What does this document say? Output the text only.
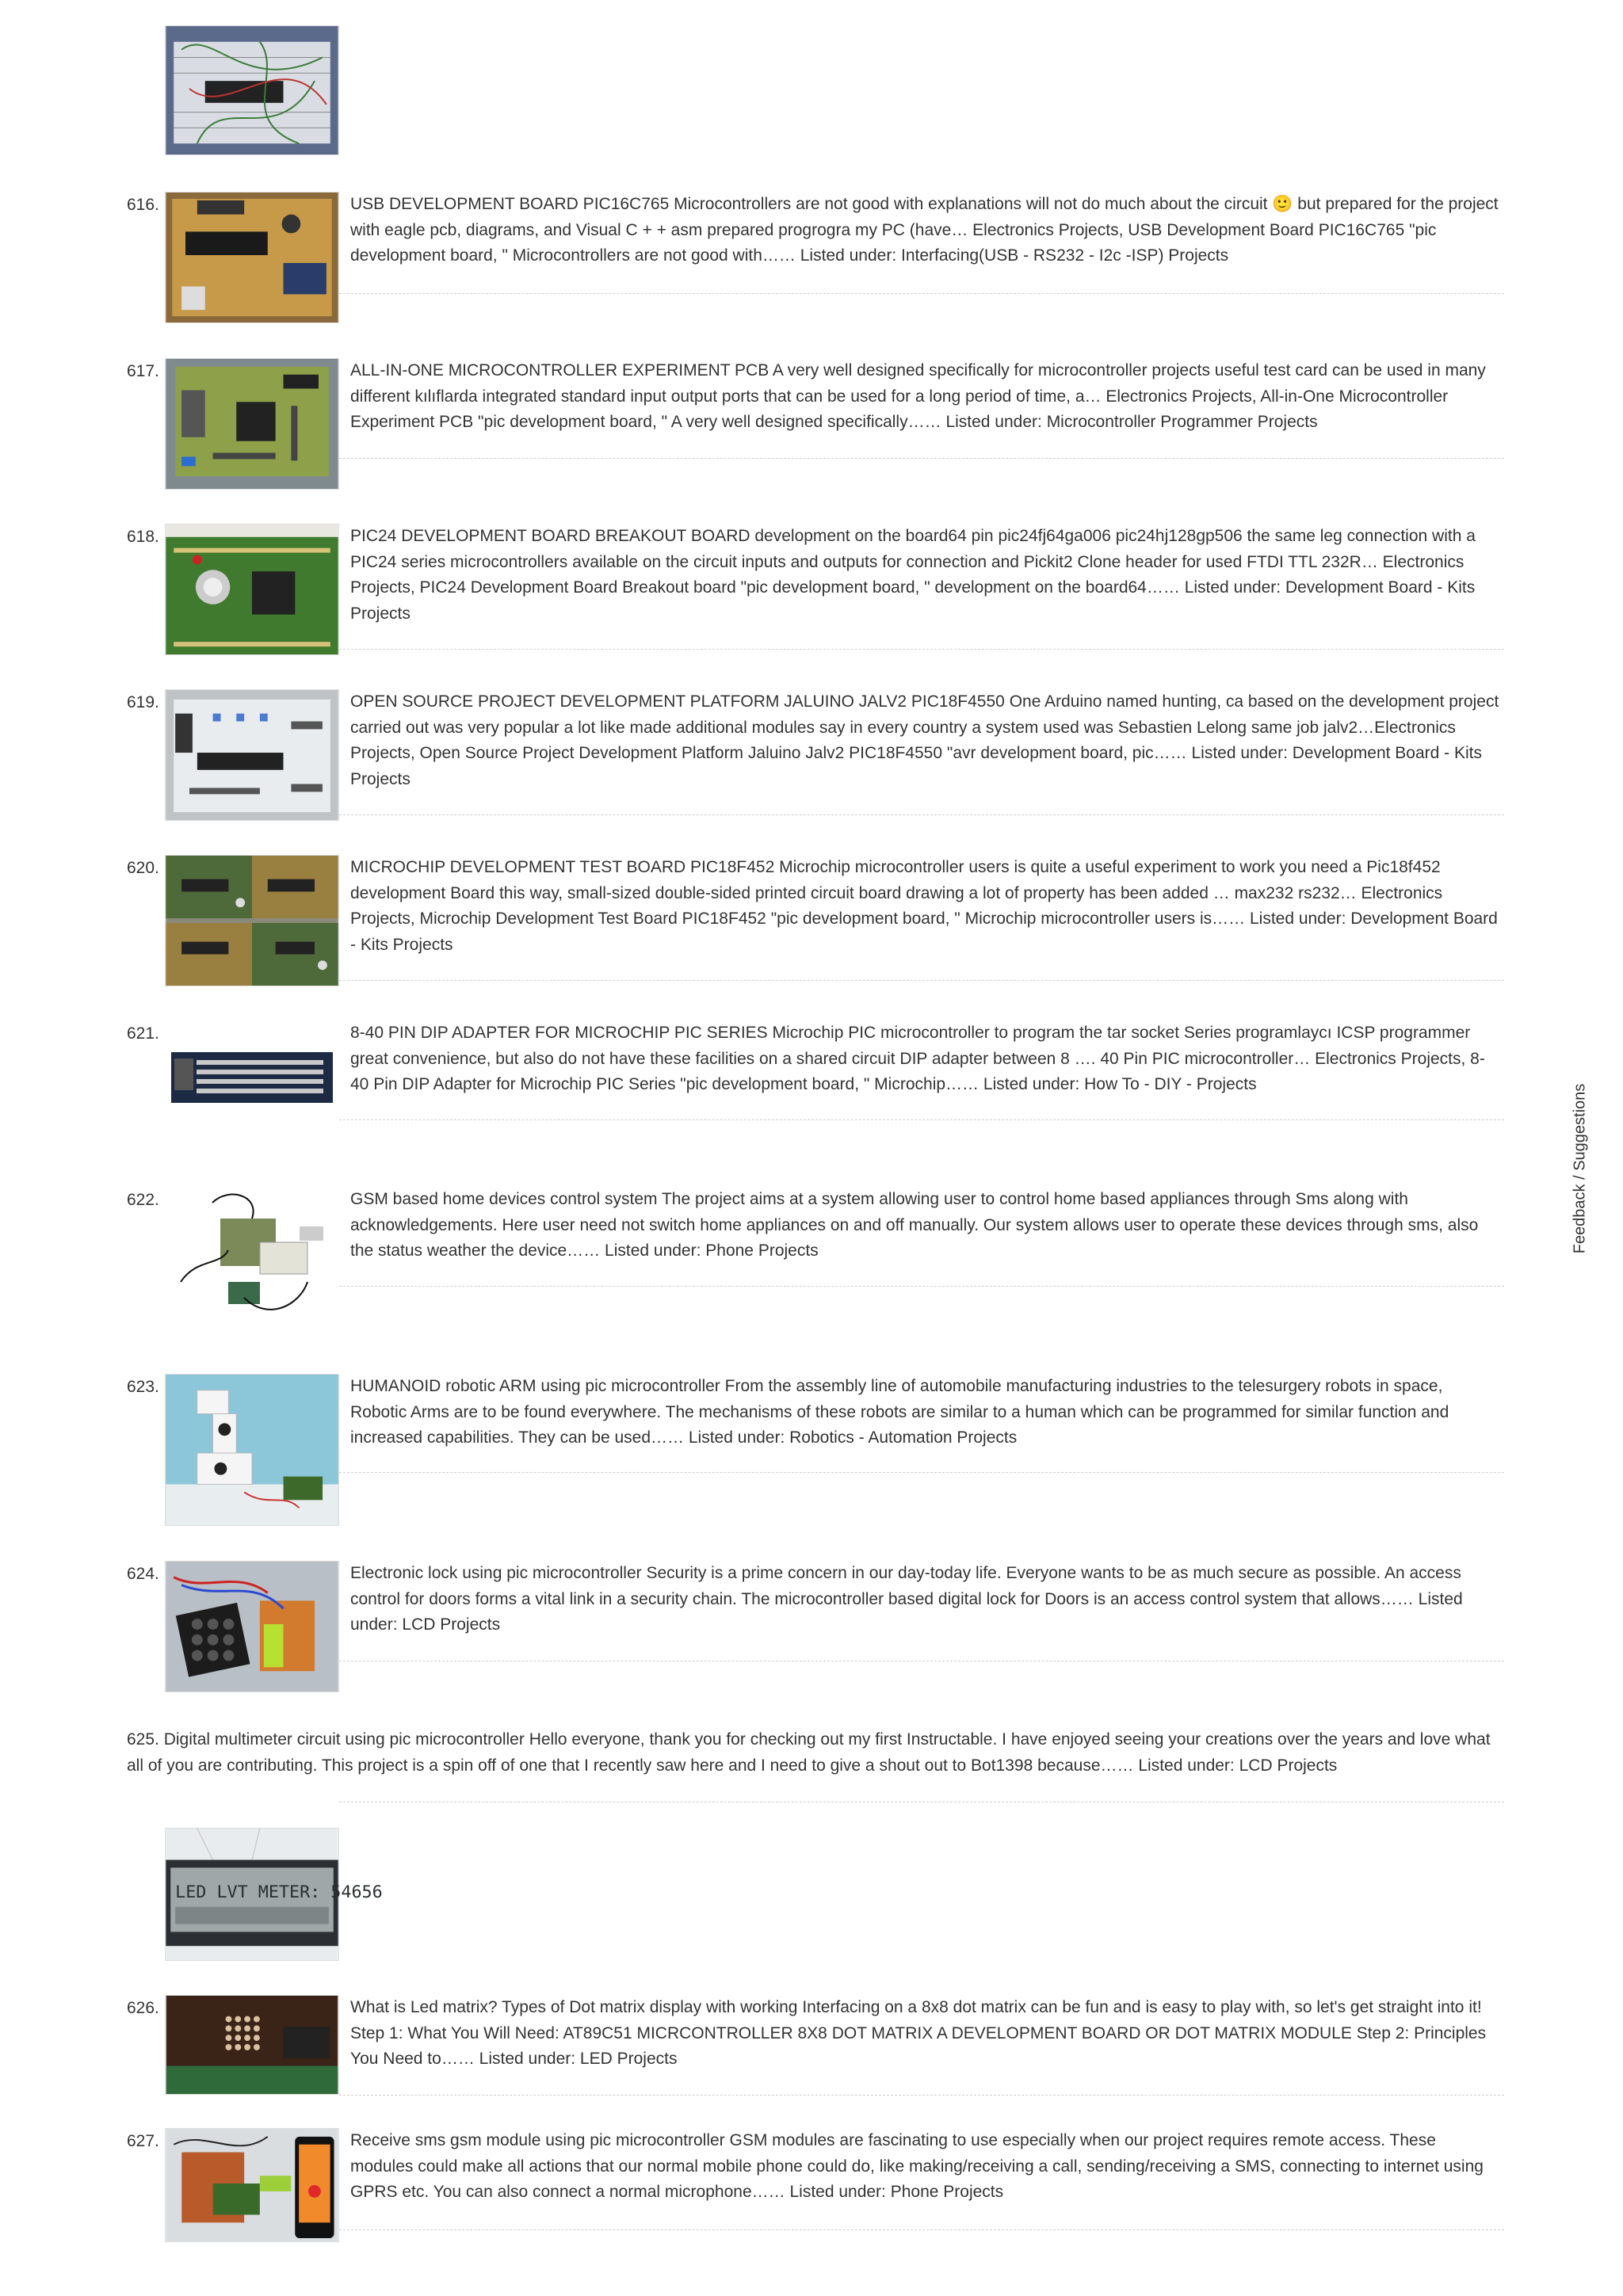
616.	USB DEVELOPMENT BOARD PIC16C765 Microcontrollers are not good with explanations will not do much about the circuit 🙂 but prepared for the project with eagle pcb, diagrams, and Visual C + + asm prepared progrogra my PC (have… Electronics Projects, USB Development Board PIC16C765 "pic development board, " Microcontrollers are not good with…… Listed under: Interfacing(USB - RS232 - I2c -ISP) Projects
617.	ALL-IN-ONE MICROCONTROLLER EXPERIMENT PCB A very well designed specifically for microcontroller projects useful test card can be used in many different kılıflarda integrated standard input output ports that can be used for a long period of time, a… Electronics Projects, All-in-One Microcontroller Experiment PCB "pic development board, " A very well designed specifically…… Listed under: Microcontroller Programmer Projects
618.	PIC24 DEVELOPMENT BOARD BREAKOUT BOARD development on the board64 pin pic24fj64ga006 pic24hj128gp506 the same leg connection with a PIC24 series microcontrollers available on the circuit inputs and outputs for connection and Pickit2 Clone header for used FTDI TTL 232R… Electronics Projects, PIC24 Development Board Breakout board "pic development board, " development on the board64…… Listed under: Development Board - Kits Projects
619.	OPEN SOURCE PROJECT DEVELOPMENT PLATFORM JALUINO JALV2 PIC18F4550 One Arduino named hunting, ca based on the development project carried out was very popular a lot like made additional modules say in every country a system used was Sebastien Lelong same job jalv2…Electronics Projects, Open Source Project Development Platform Jaluino Jalv2 PIC18F4550 "avr development board, pic…… Listed under: Development Board - Kits Projects
620.	MICROCHIP DEVELOPMENT TEST BOARD PIC18F452 Microchip microcontroller users is quite a useful experiment to work you need a Pic18f452 development Board this way, small-sized double-sided printed circuit board drawing a lot of property has been added … max232 rs232… Electronics Projects, Microchip Development Test Board PIC18F452 "pic development board, " Microchip microcontroller users is…… Listed under: Development Board - Kits Projects
621.	8-40 PIN DIP ADAPTER FOR MICROCHIP PIC SERIES Microchip PIC microcontroller to program the tar socket Series programlaycı ICSP programmer great convenience, but also do not have these facilities on a shared circuit DIP adapter between 8 …. 40 Pin PIC microcontroller… Electronics Projects, 8-40 Pin DIP Adapter for Microchip PIC Series "pic development board, " Microchip…… Listed under: How To - DIY - Projects
622.	GSM based home devices control system The project aims at a system allowing user to control home based appliances through Sms along with acknowledgements. Here user need not switch home appliances on and off manually. Our system allows user to operate these devices through sms, also the status weather the device…… Listed under: Phone Projects
623.	HUMANOID robotic ARM using pic microcontroller From the assembly line of automobile manufacturing industries to the telesurgery robots in space, Robotic Arms are to be found everywhere. The mechanisms of these robots are similar to a human which can be programmed for similar function and increased capabilities. They can be used…… Listed under: Robotics - Automation Projects
624.	Electronic lock using pic microcontroller Security is a prime concern in our day-today life. Everyone wants to be as much secure as possible. An access control for doors forms a vital link in a security chain. The microcontroller based digital lock for Doors is an access control system that allows…… Listed under: LCD Projects
625. Digital multimeter circuit using pic microcontroller Hello everyone, thank you for checking out my first Instructable. I have enjoyed seeing your creations over the years and love what all of you are contributing. This project is a spin off of one that I recently saw here and I need to give a shout out to Bot1398 because…… Listed under: LCD Projects
LED LVT METER: 54656
626.	What is Led matrix? Types of Dot matrix display with working Interfacing on a 8x8 dot matrix can be fun and is easy to play with, so let's get straight into it! Step 1: What You Will Need: AT89C51 MICRCONTROLLER 8X8 DOT MATRIX A DEVELOPMENT BOARD OR DOT MATRIX MODULE Step 2: Principles You Need to…… Listed under: LED Projects
627.	Receive sms gsm module using pic microcontroller GSM modules are fascinating to use especially when our project requires remote access. These modules could make all actions that our normal mobile phone could do, like making/receiving a call, sending/receiving a SMS, connecting to internet using GPRS etc. You can also connect a normal microphone…… Listed under: Phone Projects
Feedback / Suggestions
